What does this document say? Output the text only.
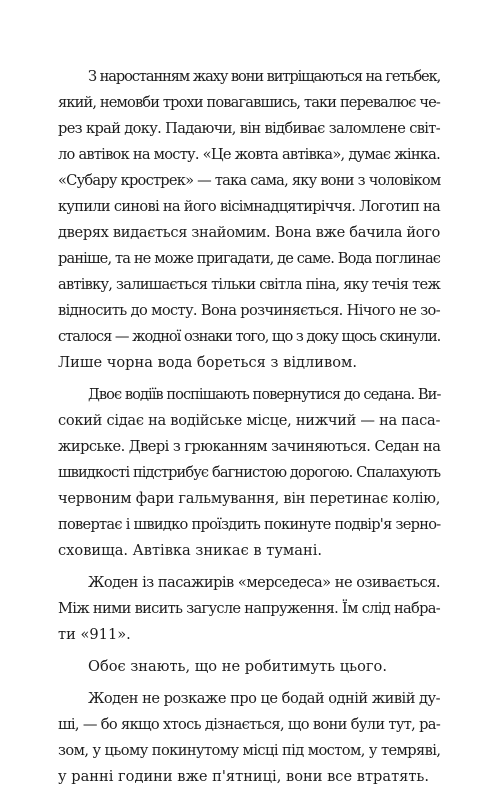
З наростанням жаху вони витріщаються на гетьбек,
який, немовби трохи повагавшись, таки перевалює че-
рез край доку. Падаючи, він відбиває заломлене світ-
ло автівок на мосту. «Це жовта автівка», думає жінка.
«Субару крострек» — така сама, яку вони з чоловіком
купили синові на його вісімнадцятиріччя. Логотип на
дверях видається знайомим. Вона вже бачила його
раніше, та не може пригадати, де саме. Вода поглинає
автівку, залишається тільки світла піна, яку течія теж
відносить до мосту. Вона розчиняється. Нічого не зо-
сталося — жодної ознаки того, що з доку щось скинули.
Лише чорна вода бореться з відливом.
Двоє водіїв поспішають повернутися до седана. Ви-
сокий сідає на водійське місце, нижчий — на паса-
жирське. Двері з грюканням зачиняються. Седан на
швидкості підстрибує багнистою дорогою. Спалахують
червоним фари гальмування, він перетинає колію,
повертає і швидко проїздить покинуте подвір'я зерно-
сховища. Автівка зникає в тумані.
Жоден із пасажирів «мерседеса» не озивається.
Між ними висить загусле напруження. Їм слід набра-
ти «911».
Обоє знають, що не робитимуть цього.
Жоден не розкаже про це бодай одній живій ду-
ші, — бо якщо хтось дізнається, що вони були тут, ра-
зом, у цьому покинутому місці під мостом, у темряві,
у ранні години вже п'ятниці, вони все втратять.
